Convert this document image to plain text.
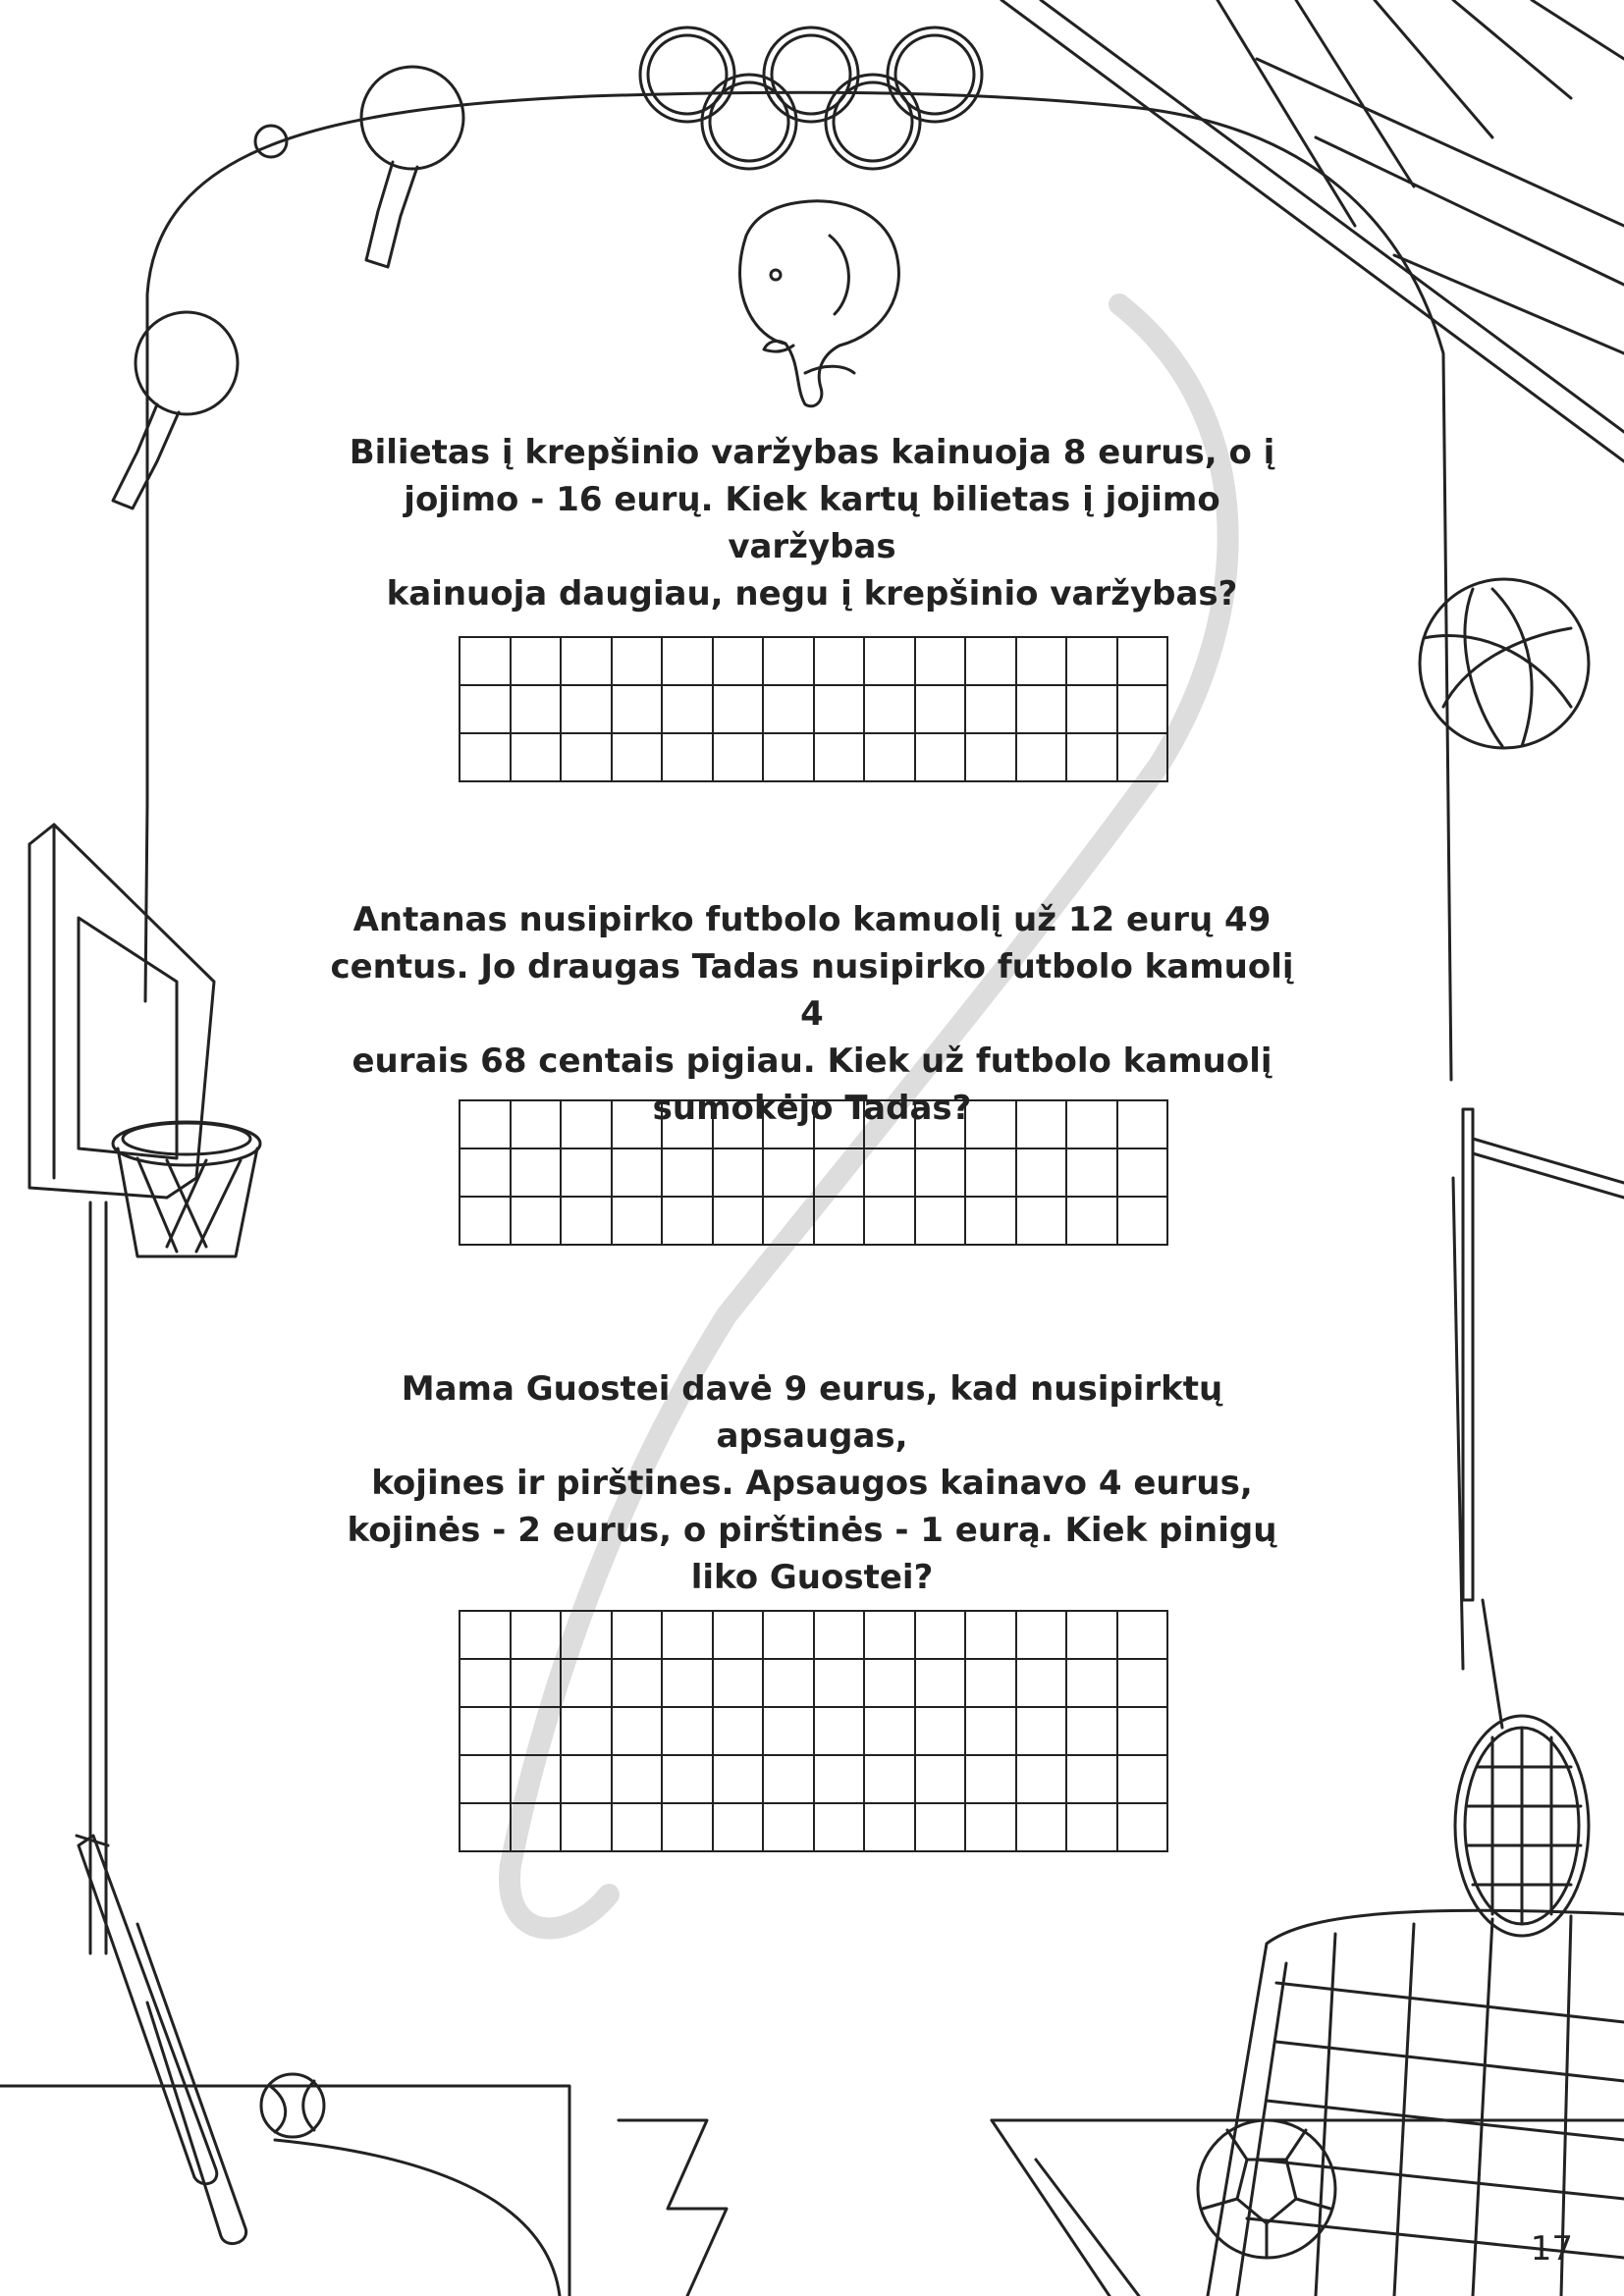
Bilietas į krepšinio varžybas kainuoja 8 eurus, o į
jojimo - 16 eurų. Kiek kartų bilietas į jojimo varžybas
kainuoja daugiau, negu į krepšinio varžybas?

Antanas nusipirko futbolo kamuolį už 12 eurų 49
centus. Jo draugas Tadas nusipirko futbolo kamuolį 4
eurais 68 centais pigiau. Kiek už futbolo kamuolį
sumokėjo Tadas?

Mama Guostei davė 9 eurus, kad nusipirktų apsaugas,
kojines ir pirštines. Apsaugos kainavo 4 eurus,
kojinės - 2 eurus, o pirštinės - 1 eurą. Kiek pinigų
liko Guostei?

17
